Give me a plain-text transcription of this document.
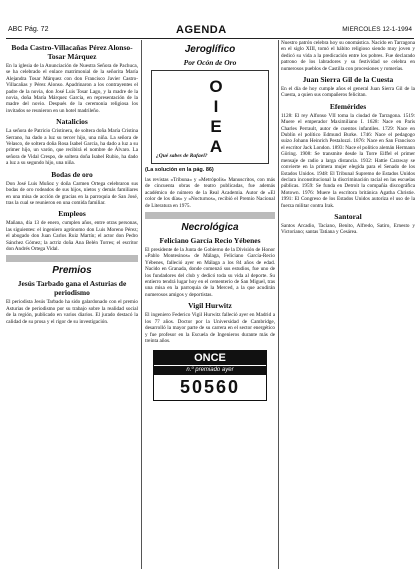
ABC Pág. 72	AGENDA	MIERCOLES 12-1-1994
Boda Castro-Villacañas Pérez Alonso-Tosar Márquez

En la iglesia de la Anunciación de Nuestra Señora de Pachuca, se ha celebrado el enlace matrimonial de la señorita María Alejandra Tosar Márquez con don Francisco Javier Castro-Villacañas y Pérez Alonso. Apadrinaron a los contrayentes el padre de la novia, don José Luis Tosar Lago, y la madre de la novia, doña María Márquez García, en representación de la madre del novio. Después de la ceremonia religiosa los invitados se reunieron en un hotel madrileño.

Natalicios

La señora de Patricio Cristinera, de soltera doña María Cristina Serrano, ha dado a luz su tercer hijo, una niña. La señora de Velasco, de soltera doña Rosa Isabel García, ha dado a luz a su primer hijo, un varón, que recibirá el nombre de Álvaro. La señora de Vidal Crespo, de soltera doña Isabel Rubio, ha dado a luz a su segundo hijo, una niña.

Bodas de oro

Don José Luis Muñoz y doña Carmen Ortega celebraron sus bodas de oro rodeados de sus hijos, nietos y demás familiares en una misa de acción de gracias en la parroquia de San José, tras la cual se reunieron en una comida familiar.

Empleos

Mañana, día 13 de enero, cumplen años, entre otras personas, las siguientes: el ingeniero agrónomo don Luis Moreno Pérez; el abogado don Juan Carlos Ruiz Martín; el actor don Pedro Sánchez Gómez; la actriz doña Ana Belén Torres; el escritor don Andrés Ortega Vidal.

Premios
Jesús Tarbado gana el Asturias de periodismo

El periodista Jesús Tarbado ha sido galardonado con el premio Asturias de periodismo por su trabajo sobre la realidad social de la región, publicado en varios diarios. El jurado destacó la calidad de su prosa y el rigor de su investigación.

Jeroglífico
Por Ocón de Oro
O
I
E
A
¿Qué sabes de Rafael?
(La solución en la pág. 86)

las revistas «Tribuna» y «Metrópolis» Manuscritos, con más de cincuenta obras de teatro publicadas, fue además académico de número de la Real Academia. Autor de «El color de los días» y «Nocturnos», recibió el Premio Nacional de Literatura en 1975.

Necrológica
Feliciano García Recio Yébenes

El presidente de la Junta de Gobierno de la División de Honor «Pablo Montesinos» de Málaga, Feliciano García-Recio Yébenes, falleció ayer en Málaga a los 84 años de edad. Nacido en Granada, donde comenzó sus estudios, fue uno de los fundadores del club y dedicó toda su vida al deporte. Su entierro tendrá lugar hoy en el cementerio de San Miguel, tras una misa en la parroquia de la Merced, a la que acudirán numerosos amigos y deportistas.

Vigil Hurwitz

El ingeniero Federico Vigil Hurwitz falleció ayer en Madrid a los 77 años. Doctor por la Universidad de Cambridge, desarrolló la mayor parte de su carrera en el sector energético y fue profesor en la Escuela de Ingenieros durante más de treinta años.

ONCE
n.º premiado ayer
50560

Nuestro patrón celebra hoy su onomástica. Nacido en Tarragona en el siglo XIII, tomó el hábito religioso siendo muy joven y dedicó su vida a la predicación entre los pobres. Fue declarado patrono de los labradores y su festividad se celebra en numerosos pueblos de Castilla con procesiones y romerías.

Juan Sierra Gil de la Cuesta

En el día de hoy cumple años el general Juan Sierra Gil de la Cuesta, a quien sus compañeros felicitan.

Efemérides

1128: El rey Alfonso VII toma la ciudad de Tarragona. 1519: Muere el emperador Maximiliano I. 1628: Nace en París Charles Perrault, autor de cuentos infantiles. 1729: Nace en Dublín el político Edmund Burke. 1746: Nace el pedagogo suizo Johann Heinrich Pestalozzi. 1876: Nace en San Francisco el escritor Jack London. 1893: Nace el político alemán Hermann Göring. 1908: Se transmite desde la Torre Eiffel el primer mensaje de radio a larga distancia. 1932: Hattie Caraway se convierte en la primera mujer elegida para el Senado de los Estados Unidos. 1948: El Tribunal Supremo de Estados Unidos declara inconstitucional la discriminación racial en las escuelas públicas. 1959: Se funda en Detroit la compañía discográfica Motown. 1976: Muere la escritora británica Agatha Christie. 1991: El Congreso de los Estados Unidos autoriza el uso de la fuerza militar contra Irak.

Santoral

Santos Arcadio, Taciano, Benito, Alfredo, Satiro, Ernesto y Victoriano; santas Tatiana y Cesárea.
